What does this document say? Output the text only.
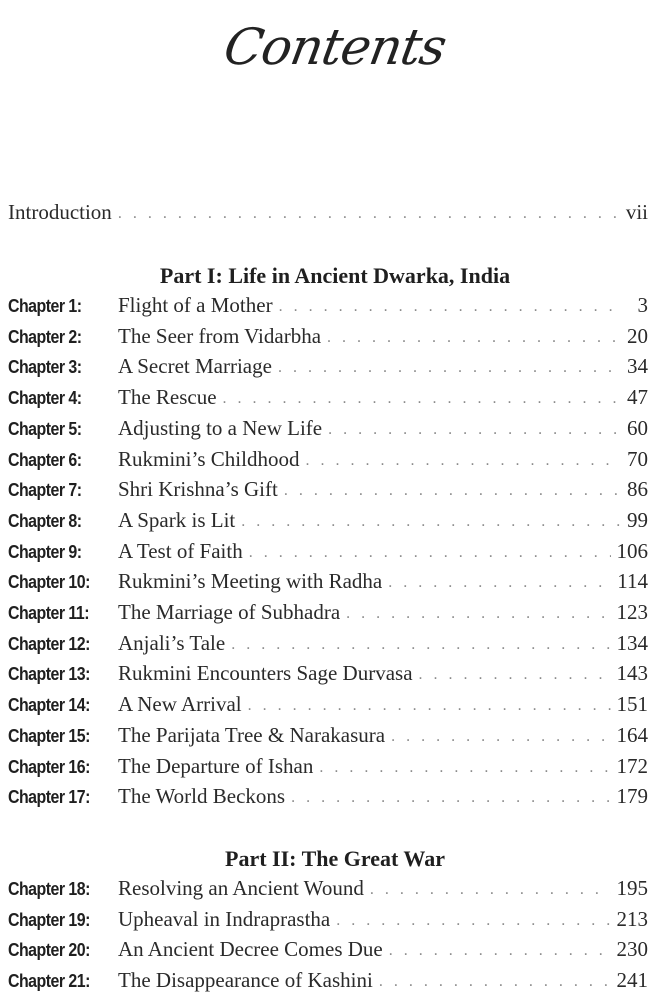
Contents
Introduction . . .	vii
Part I: Life in Ancient Dwarka, India
Chapter 1:	Flight of a Mother . . .	3
Chapter 2:	The Seer from Vidarbha . . .	20
Chapter 3:	A Secret Marriage . . .	34
Chapter 4:	The Rescue . . .	47
Chapter 5:	Adjusting to a New Life . . .	60
Chapter 6:	Rukmini’s Childhood . . .	70
Chapter 7:	Shri Krishna’s Gift . . .	86
Chapter 8:	A Spark is Lit . . .	99
Chapter 9:	A Test of Faith . . .	106
Chapter 10:	Rukmini’s Meeting with Radha . . .	114
Chapter 11:	The Marriage of Subhadra . . .	123
Chapter 12:	Anjali’s Tale . . .	134
Chapter 13:	Rukmini Encounters Sage Durvasa . . .	143
Chapter 14:	A New Arrival . . .	151
Chapter 15:	The Parijata Tree & Narakasura . . .	164
Chapter 16:	The Departure of Ishan . . .	172
Chapter 17:	The World Beckons . . .	179
Part II: The Great War
Chapter 18:	Resolving an Ancient Wound . . .	195
Chapter 19:	Upheaval in Indraprastha . . .	213
Chapter 20:	An Ancient Decree Comes Due . . .	230
Chapter 21:	The Disappearance of Kashini . . .	241
